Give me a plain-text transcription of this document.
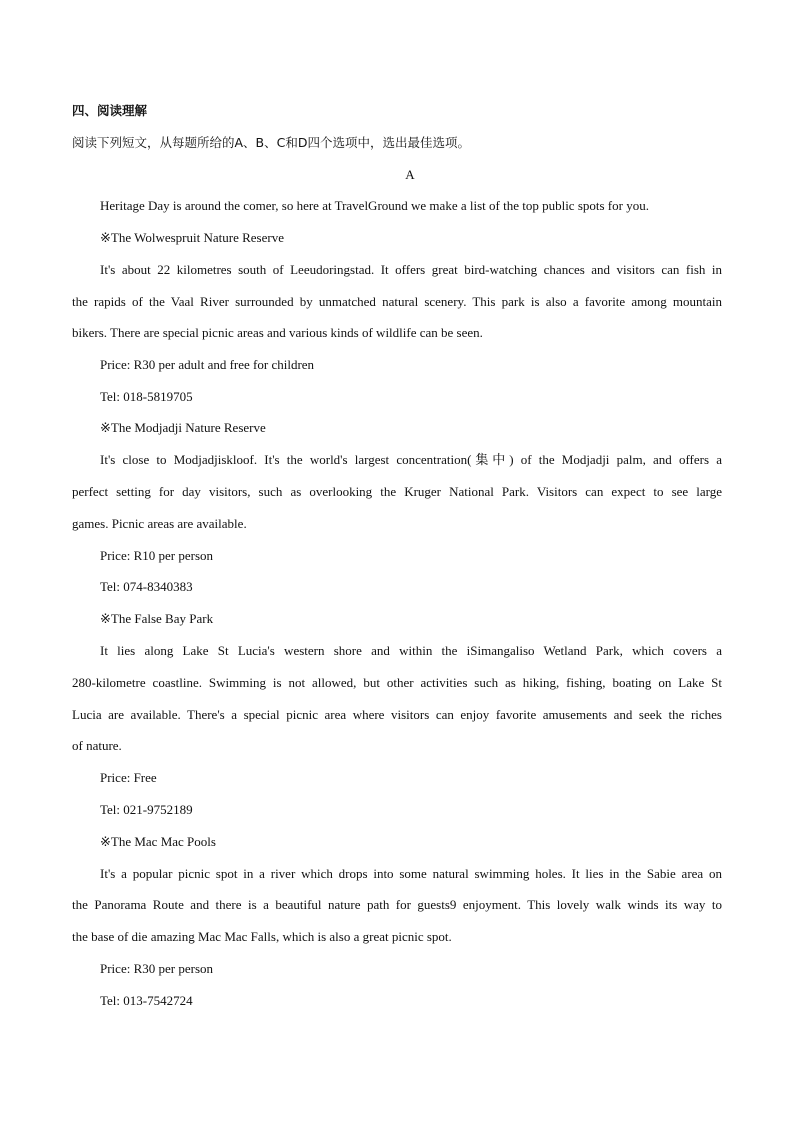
四、阅读理解
阅读下列短文，从每题所给的A、B、C和D四个选项中，选出最佳选项。
A
Heritage Day is around the comer, so here at TravelGround we make a list of the top public spots for you.
※The Wolwespruit Nature Reserve
It's about 22 kilometres south of Leeudoringstad. It offers great bird-watching chances and visitors can fish in
the rapids of the Vaal River surrounded by unmatched natural scenery. This park is also a favorite among mountain
bikers. There are special picnic areas and various kinds of wildlife can be seen.
Price: R30 per adult and free for children
Tel: 018-5819705
※The Modjadji Nature Reserve
It's close to Modjadjiskloof. It's the world's largest concentration(集中) of the Modjadji palm, and offers a
perfect setting for day visitors, such as overlooking the Kruger National Park. Visitors can expect to see large
games. Picnic areas are available.
Price: R10 per person
Tel: 074-8340383
※The False Bay Park
It lies along Lake St Lucia's western shore and within the iSimangaliso Wetland Park, which covers a
280-kilometre coastline. Swimming is not allowed, but other activities such as hiking, fishing, boating on Lake St
Lucia are available. There's a special picnic area where visitors can enjoy favorite amusements and seek the riches
of nature.
Price: Free
Tel: 021-9752189
※The Mac Mac Pools
It's a popular picnic spot in a river which drops into some natural swimming holes. It lies in the Sabie area on
the Panorama Route and there is a beautiful nature path for guests9 enjoyment. This lovely walk winds its way to
the base of die amazing Mac Mac Falls, which is also a great picnic spot.
Price: R30 per person
Tel: 013-7542724
